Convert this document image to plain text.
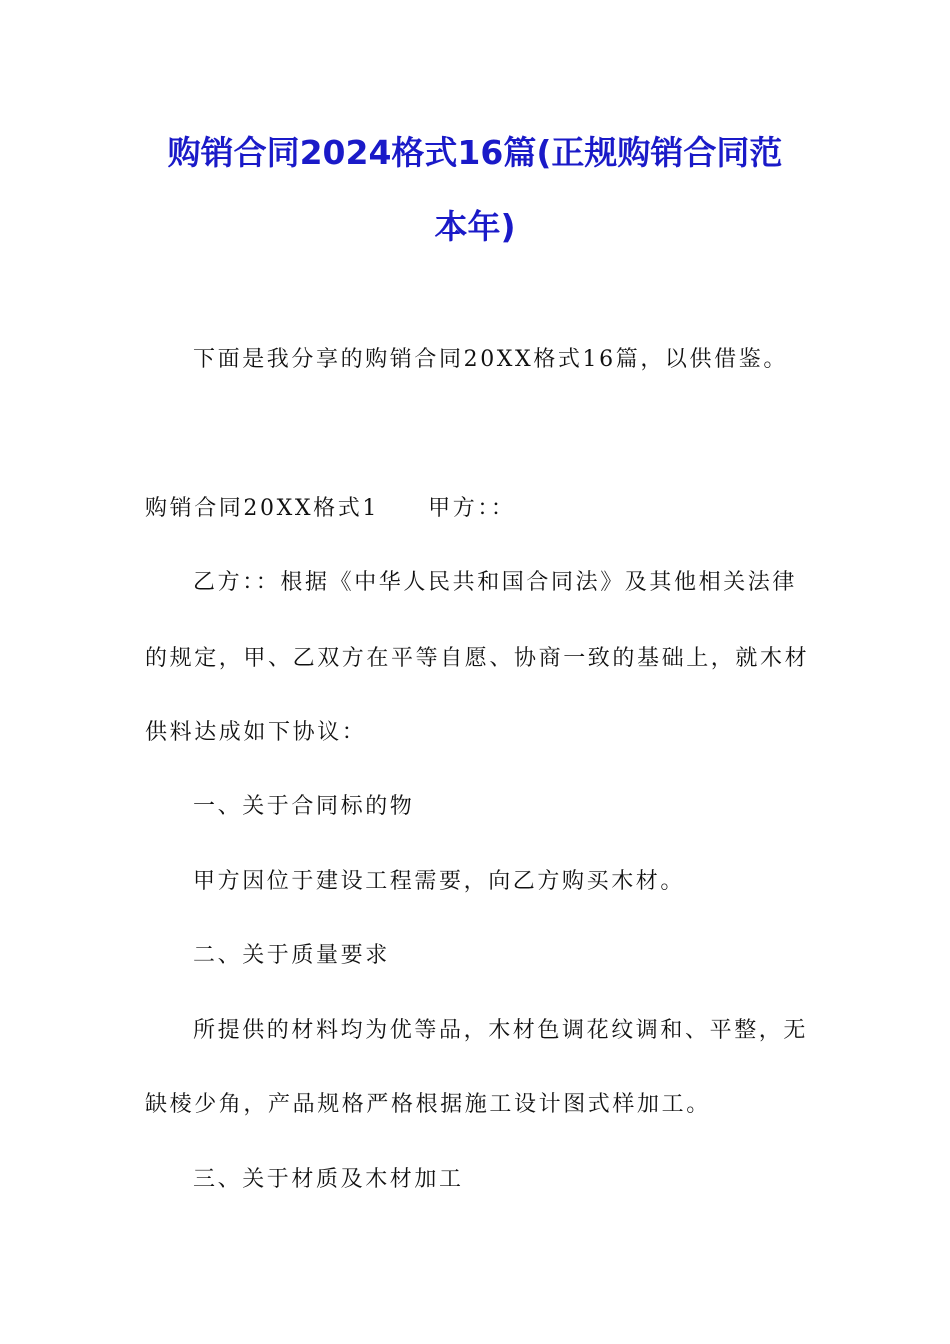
购销合同2024格式16篇(正规购销合同范
本年)
下面是我分享的购销合同20XX格式16篇，以供借鉴。
购销合同20XX格式1　　甲方：：
乙方：：根据《中华人民共和国合同法》及其他相关法律
的规定，甲、乙双方在平等自愿、协商一致的基础上，就木材
供料达成如下协议：
一、关于合同标的物
甲方因位于建设工程需要，向乙方购买木材。
二、关于质量要求
所提供的材料均为优等品，木材色调花纹调和、平整，无
缺棱少角，产品规格严格根据施工设计图式样加工。
三、关于材质及木材加工
